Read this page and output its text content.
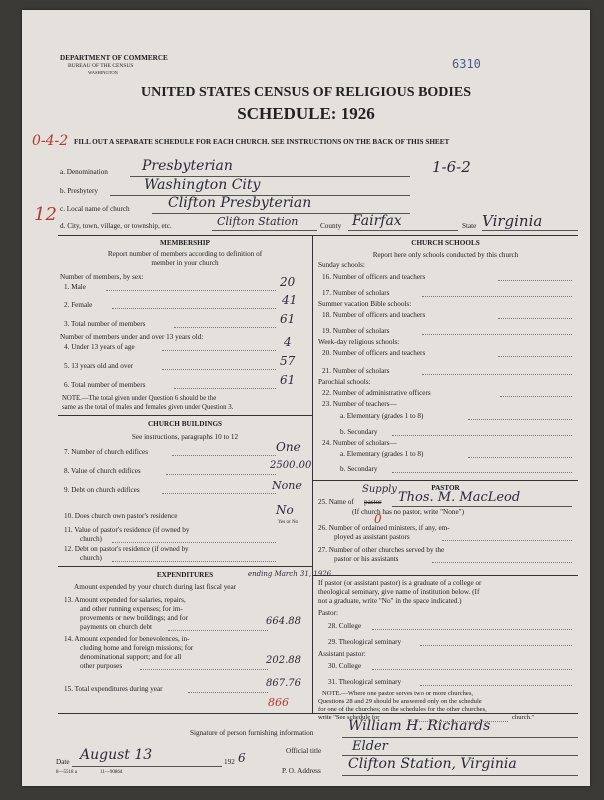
DEPARTMENT OF COMMERCE
BUREAU OF THE CENSUS
WASHINGTON
6310
UNITED STATES CENSUS OF RELIGIOUS BODIES
SCHEDULE: 1926
FILL OUT A SEPARATE SCHEDULE FOR EACH CHURCH. SEE INSTRUCTIONS ON THE BACK OF THIS SHEET
0-4-2
12
a. Denomination Presbyterian	1-6-2
b. Presbytery	Washington City
c. Local name of church	Clifton Presbyterian
d. City, town, village, or township, etc.	Clifton Station	County Fairfax	State Virginia
MEMBERSHIP
Report number of members according to definition of
member in your church
Number of members, by sex:
1. Male	20
2. Female	41
3. Total number of members	61
Number of members under and over 13 years old:
4. Under 13 years of age	4
5. 13 years old and over	57
6. Total number of members	61
NOTE.—The total given under Question 6 should be the
same as the total of males and females given under Question 3.
CHURCH BUILDINGS
See instructions, paragraphs 10 to 12
7. Number of church edifices	One
8. Value of church edifices	2500.00
9. Debt on church edifices	None
10. Does church own pastor's residence	No
Yes or No
11. Value of pastor's residence (if owned by
church)
12. Debt on pastor's residence (if owned by
church)
EXPENDITURES	ending March 31, 1926
Amount expended by your church during last fiscal year
13. Amount expended for salaries, repairs,
and other running expenses; for im-
provements or new buildings; and for
payments on church debt	664.88
14. Amount expended for benevolences, in-
cluding home and foreign missions; for
denominational support; and for all
other purposes	202.88
15. Total expenditures during year	867.76
866
CHURCH SCHOOLS
Report here only schools conducted by this church
Sunday schools:
16. Number of officers and teachers
17. Number of scholars
Summer vacation Bible schools:
18. Number of officers and teachers
19. Number of scholars
Week-day religious schools:
20. Number of officers and teachers
21. Number of scholars
Parochial schools:
22. Number of administrative officers
23. Number of teachers—
a. Elementary (grades 1 to 8)
b. Secondary
24. Number of scholars—
a. Elementary (grades 1 to 8)
b. Secondary
PASTOR
25. Name of pastor
Supply
Thos. M. MacLeod
(If church has no pastor, write "None")
26. Number of ordained ministers, if any, em-
ployed as assistant pastors
0
27. Number of other churches served by the
pastor or his assistants
If pastor (or assistant pastor) is a graduate of a college or
theological seminary, give name of institution below. (If
not a graduate, write "No" in the space indicated.)
Pastor:
28. College
29. Theological seminary
Assistant pastor:
30. College
31. Theological seminary
NOTE.—Where one pastor serves two or more churches,
Questions 28 and 29 should be answered only on the schedule
for one of the churches; on the schedules for the other churches,
write "See schedule for	church."
Signature of person furnishing information William H. Richards
Official title Elder
P. O. Address Clifton Station, Virginia
Date August 13	192 6
8—5518 a	11—9086d
